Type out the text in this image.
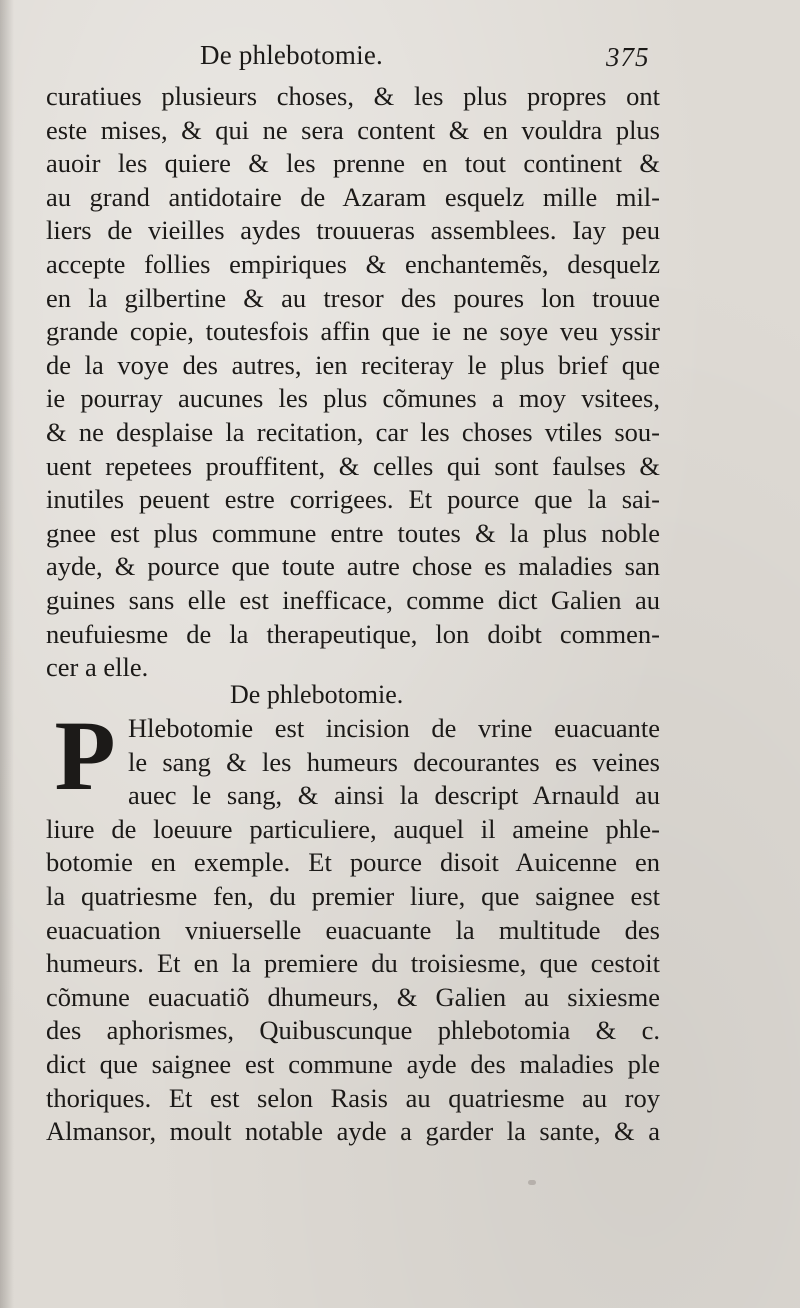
De phlebotomie.	375
curatiues plusieurs choses, & les plus propres ont
este mises, & qui ne sera content & en vouldra plus
auoir les quiere & les prenne en tout continent &
au grand antidotaire de Azaram esquelz mille mil-
liers de vieilles aydes trouueras assemblees. Iay peu
accepte follies empiriques & enchantemẽs, desquelz
en la gilbertine & au tresor des poures lon trouue
grande copie, toutesfois affin que ie ne soye veu yssir
de la voye des autres, ien reciteray le plus brief que
ie pourray aucunes les plus cõmunes a moy vsitees,
& ne desplaise la recitation, car les choses vtiles sou-
uent repetees prouffitent, & celles qui sont faulses &
inutiles peuent estre corrigees. Et pource que la sai-
gnee est plus commune entre toutes & la plus noble
ayde, & pource que toute autre chose es maladies san
guines sans elle est inefficace, comme dict Galien au
neufuiesme de la therapeutique, lon doibt commen-
cer a elle.
De phlebotomie.
P Hlebotomie est incision de vrine euacuante
le sang & les humeurs decourantes es veines
auec le sang, & ainsi la descript Arnauld au
liure de loeuure particuliere, auquel il ameine phle-
botomie en exemple. Et pource disoit Auicenne en
la quatriesme fen, du premier liure, que saignee est
euacuation vniuerselle euacuante la multitude des
humeurs. Et en la premiere du troisiesme, que cestoit
cõmune euacuatiõ dhumeurs, & Galien au sixiesme
des aphorismes, Quibuscunque phlebotomia & c.
dict que saignee est commune ayde des maladies ple
thoriques. Et est selon Rasis au quatriesme au roy
Almansor, moult notable ayde a garder la sante, & a
